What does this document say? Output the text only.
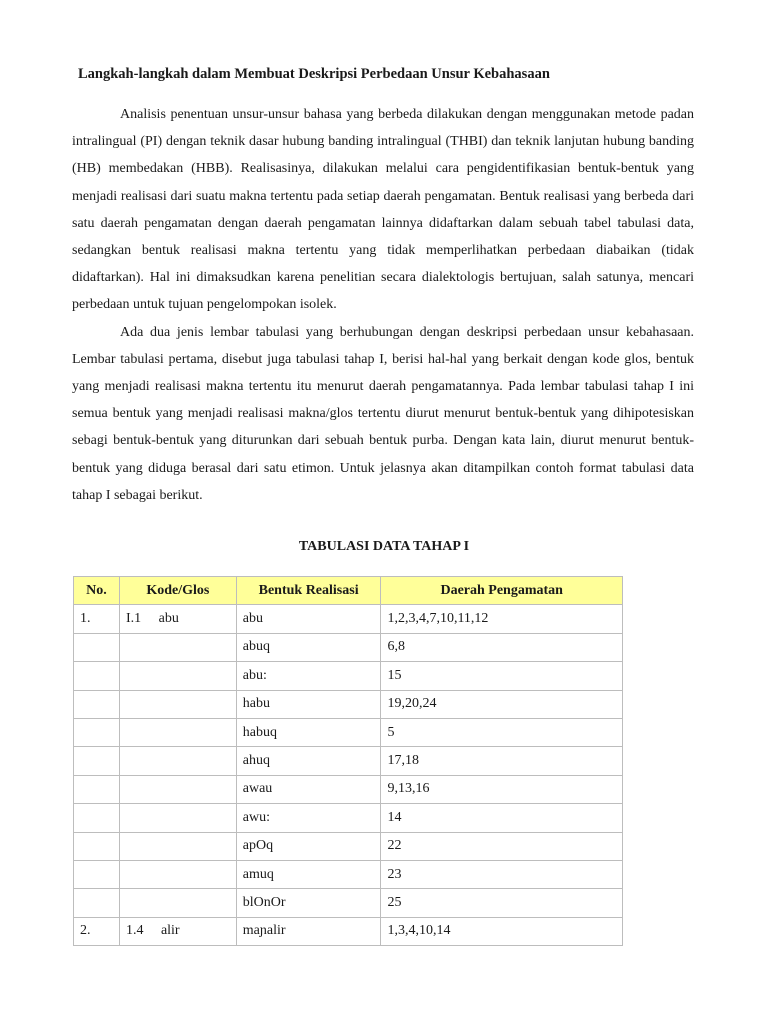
Langkah-langkah dalam Membuat Deskripsi Perbedaan Unsur Kebahasaan

Analisis penentuan unsur-unsur bahasa yang berbeda dilakukan dengan menggunakan metode padan intralingual (PI) dengan teknik dasar hubung banding intralingual (THBI) dan teknik lanjutan hubung banding (HB) membedakan (HBB). Realisasinya, dilakukan melalui cara pengidentifikasian bentuk-bentuk yang menjadi realisasi dari suatu makna tertentu pada setiap daerah pengamatan. Bentuk realisasi yang berbeda dari satu daerah pengamatan dengan daerah pengamatan lainnya didaftarkan dalam sebuah tabel tabulasi data, sedangkan bentuk realisasi makna tertentu yang tidak memperlihatkan perbedaan diabaikan (tidak didaftarkan). Hal ini dimaksudkan karena penelitian secara dialektologis bertujuan, salah satunya, mencari perbedaan untuk tujuan pengelompokan isolek.

Ada dua jenis lembar tabulasi yang berhubungan dengan deskripsi perbedaan unsur kebahasaan. Lembar tabulasi pertama, disebut juga tabulasi tahap I, berisi hal-hal yang berkait dengan kode glos, bentuk yang menjadi realisasi makna tertentu itu menurut daerah pengamatannya. Pada lembar tabulasi tahap I ini semua bentuk yang menjadi realisasi makna/glos tertentu diurut menurut bentuk-bentuk yang dihipotesiskan sebagi bentuk-bentuk yang diturunkan dari sebuah bentuk purba. Dengan kata lain, diurut menurut bentuk-bentuk yang diduga berasal dari satu etimon. Untuk jelasnya akan ditampilkan contoh format tabulasi data tahap I sebagai berikut.

TABULASI DATA TAHAP I
No.	Kode/Glos	Bentuk Realisasi	Daerah Pengamatan
1.	I.1     abu	abu	1,2,3,4,7,10,11,12
		abuq	6,8
		abu:	15
		habu	19,20,24
		habuq	5
		ahuq	17,18
		awau	9,13,16
		awu:	14
		apOq	22
		amuq	23
		blOnOr	25
2.	1.4     alir	maɲalir	1,3,4,10,14
